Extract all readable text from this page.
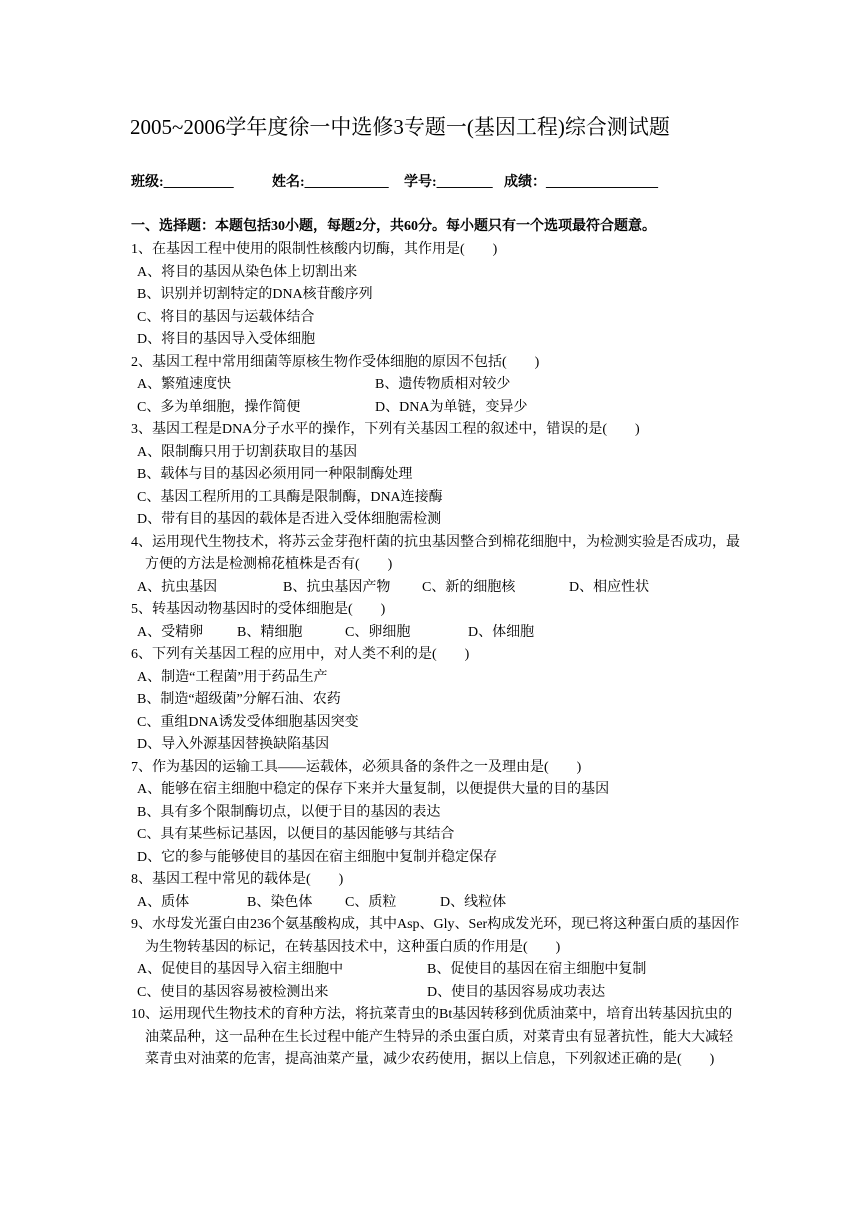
2005~2006学年度徐一中选修3专题一(基因工程)综合测试题
班级:__________	姓名:____________ 学号:________ 成绩：________________
一、选择题：本题包括30小题，每题2分，共60分。每小题只有一个选项最符合题意。
1、在基因工程中使用的限制性核酸内切酶，其作用是(　　)
A、将目的基因从染色体上切割出来
B、识别并切割特定的DNA核苷酸序列
C、将目的基因与运载体结合
D、将目的基因导入受体细胞
2、基因工程中常用细菌等原核生物作受体细胞的原因不包括(　　)
A、繁殖速度快	B、遗传物质相对较少
C、多为单细胞，操作简便	D、DNA为单链，变异少
3、基因工程是DNA分子水平的操作，下列有关基因工程的叙述中，错误的是(　　)
A、限制酶只用于切割获取目的基因
B、载体与目的基因必须用同一种限制酶处理
C、基因工程所用的工具酶是限制酶，DNA连接酶
D、带有目的基因的载体是否进入受体细胞需检测
4、运用现代生物技术，将苏云金芽孢杆菌的抗虫基因整合到棉花细胞中，为检测实验是否成功，最方便的方法是检测棉花植株是否有(　　)
A、抗虫基因	B、抗虫基因产物	C、新的细胞核	D、相应性状
5、转基因动物基因时的受体细胞是(　　)
A、受精卵	B、精细胞	C、卵细胞	D、体细胞
6、下列有关基因工程的应用中，对人类不利的是(　　)
A、制造“工程菌”用于药品生产
B、制造“超级菌”分解石油、农药
C、重组DNA诱发受体细胞基因突变
D、导入外源基因替换缺陷基因
7、作为基因的运输工具——运载体，必须具备的条件之一及理由是(　　)
A、能够在宿主细胞中稳定的保存下来并大量复制，以便提供大量的目的基因
B、具有多个限制酶切点，以便于目的基因的表达
C、具有某些标记基因，以便目的基因能够与其结合
D、它的参与能够使目的基因在宿主细胞中复制并稳定保存
8、基因工程中常见的载体是(　　)
A、质体	B、染色体	C、质粒	D、线粒体
9、水母发光蛋白由236个氨基酸构成，其中Asp、Gly、Ser构成发光环，现已将这种蛋白质的基因作为生物转基因的标记，在转基因技术中，这种蛋白质的作用是(　　)
A、促使目的基因导入宿主细胞中	B、促使目的基因在宿主细胞中复制
C、使目的基因容易被检测出来	D、使目的基因容易成功表达
10、运用现代生物技术的育种方法，将抗菜青虫的Bt基因转移到优质油菜中，培育出转基因抗虫的油菜品种，这一品种在生长过程中能产生特异的杀虫蛋白质，对菜青虫有显著抗性，能大大减轻菜青虫对油菜的危害，提高油菜产量，减少农药使用，据以上信息，下列叙述正确的是(　　)
